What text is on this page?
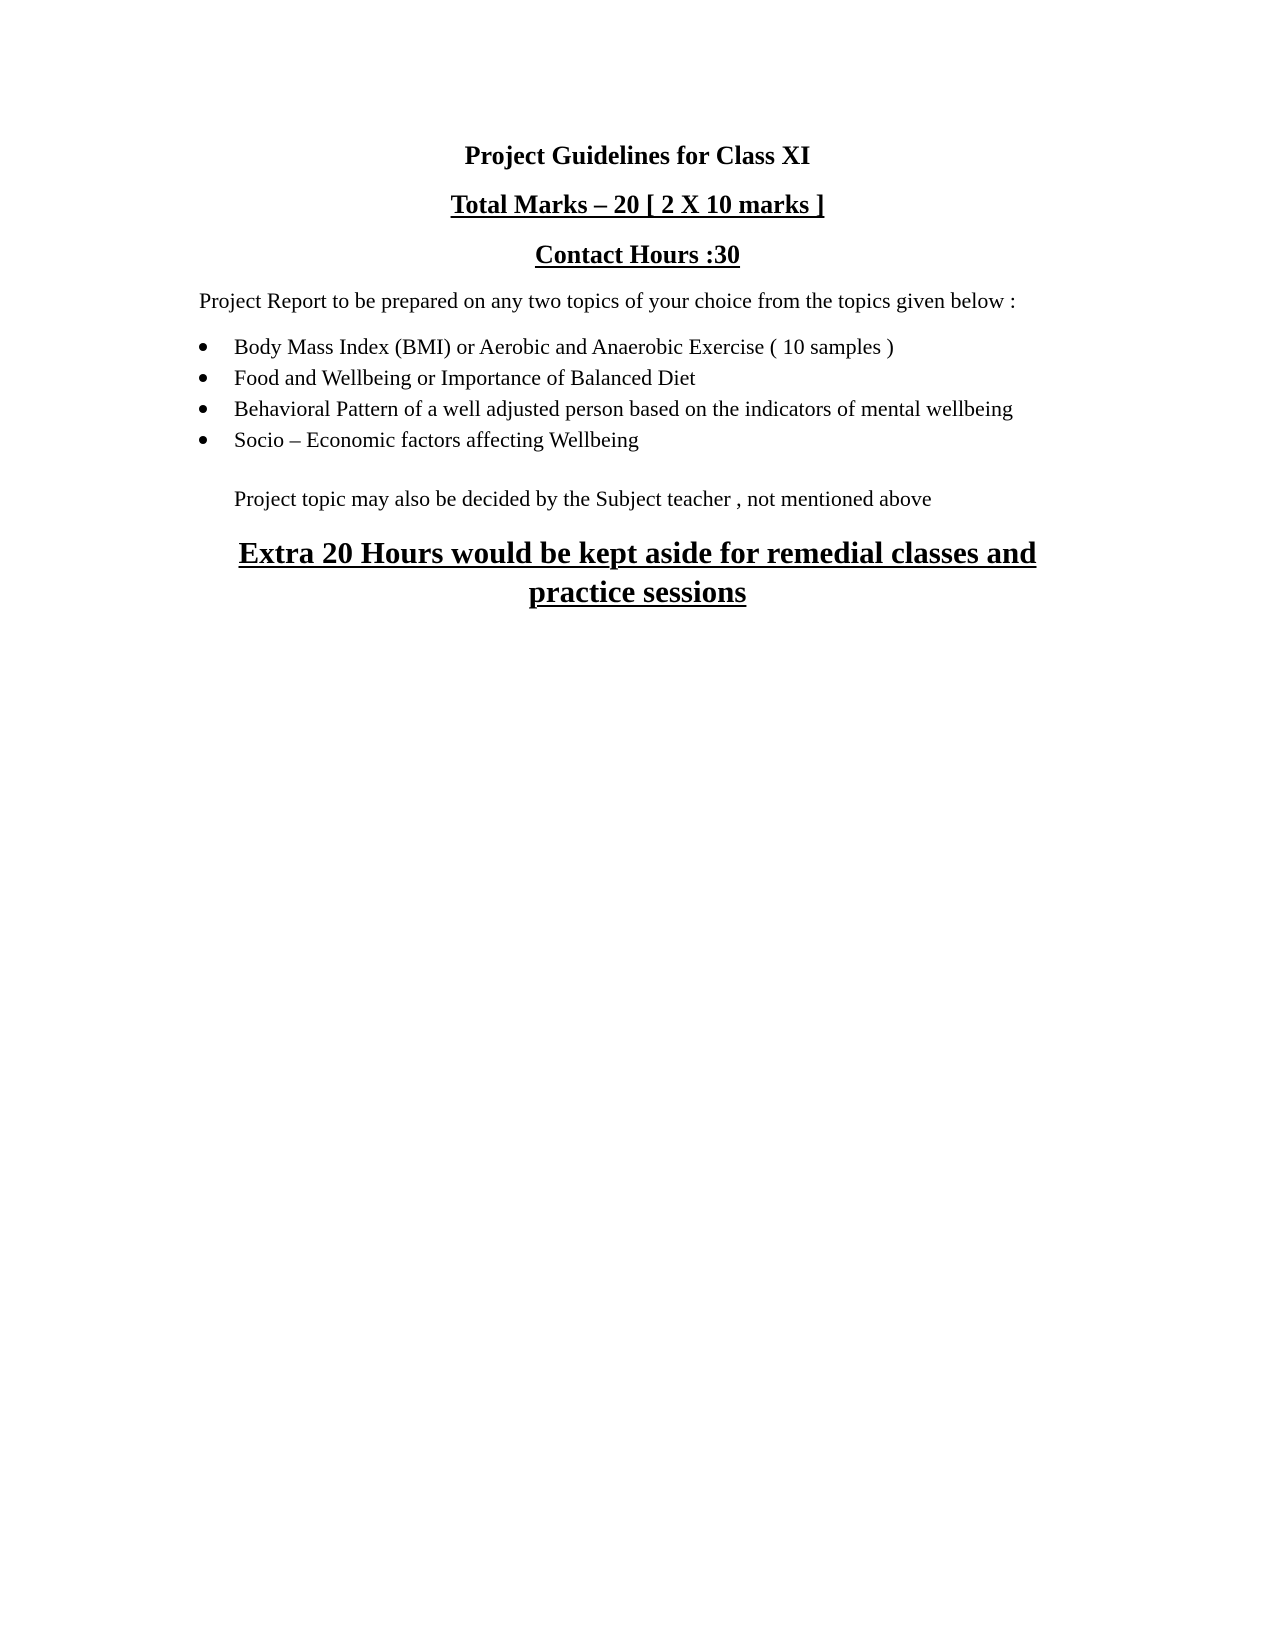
Project Guidelines for Class XI
Total Marks – 20 [ 2 X 10 marks ]
Contact Hours :30

Project Report to be prepared on any two topics of your choice from the topics given below :

Body Mass Index (BMI) or Aerobic and Anaerobic Exercise ( 10 samples )
Food and Wellbeing or Importance of Balanced Diet
Behavioral Pattern of a well adjusted person based on the indicators of mental wellbeing
Socio – Economic factors affecting Wellbeing

Project topic may also be decided by the Subject teacher , not mentioned above

Extra 20 Hours would be kept aside for remedial classes and practice sessions
